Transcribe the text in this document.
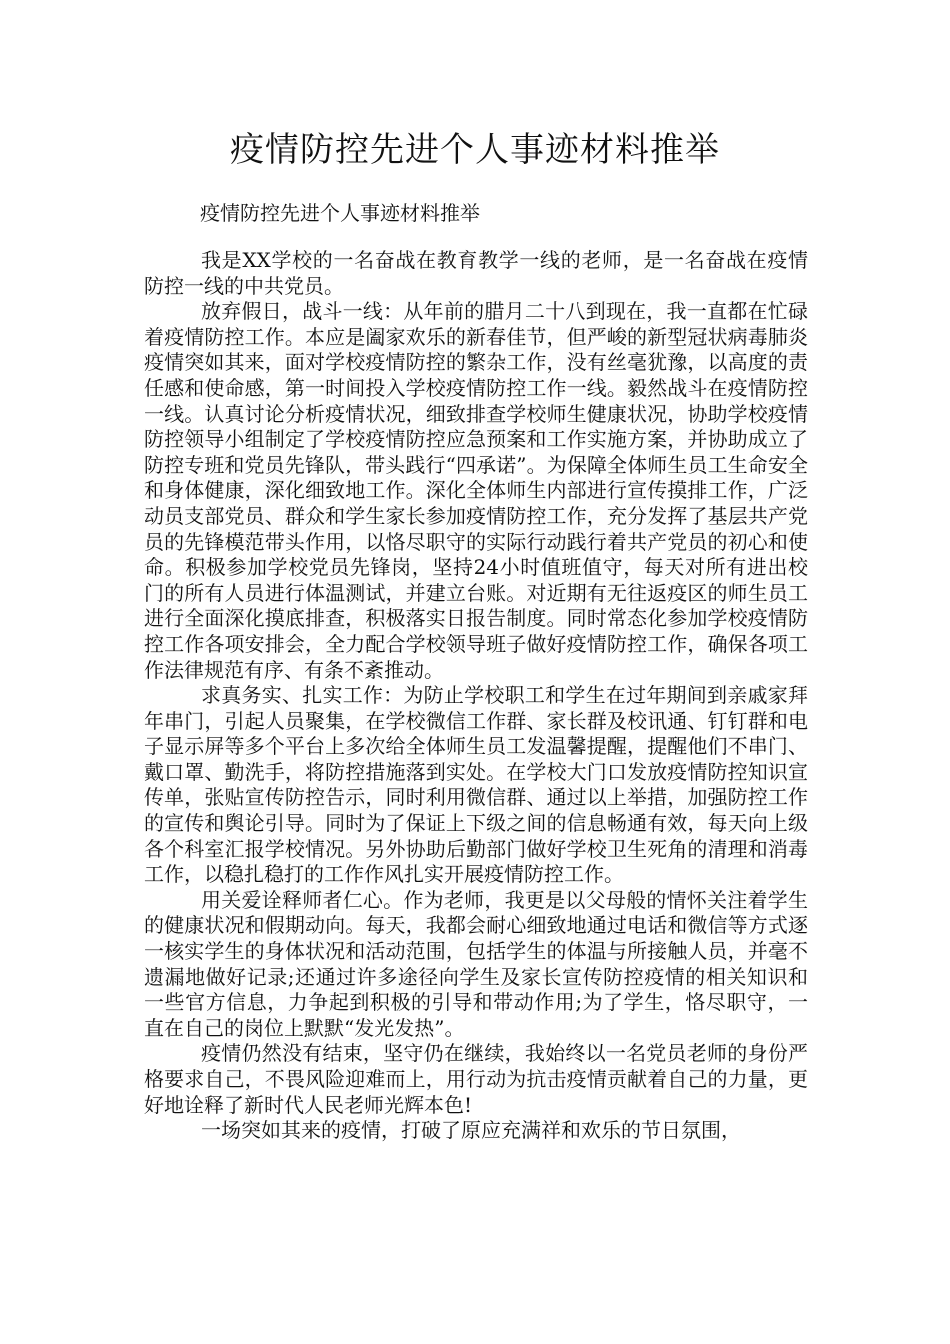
疫情防控先进个人事迹材料推举

疫情防控先进个人事迹材料推举

我是XX学校的一名奋战在教育教学一线的老师，是一名奋战在疫情防控一线的中共党员。

放弃假日，战斗一线：从年前的腊月二十八到现在，我一直都在忙碌着疫情防控工作。本应是阖家欢乐的新春佳节，但严峻的新型冠状病毒肺炎疫情突如其来，面对学校疫情防控的繁杂工作，没有丝毫犹豫，以高度的责任感和使命感，第一时间投入学校疫情防控工作一线。毅然战斗在疫情防控一线。认真讨论分析疫情状况，细致排查学校师生健康状况，协助学校疫情防控领导小组制定了学校疫情防控应急预案和工作实施方案，并协助成立了防控专班和党员先锋队，带头践行“四承诺”。为保障全体师生员工生命安全和身体健康，深化细致地工作。深化全体师生内部进行宣传摸排工作，广泛动员支部党员、群众和学生家长参加疫情防控工作，充分发挥了基层共产党员的先锋模范带头作用，以恪尽职守的实际行动践行着共产党员的初心和使命。积极参加学校党员先锋岗，坚持24小时值班值守，每天对所有进出校门的所有人员进行体温测试，并建立台账。对近期有无往返疫区的师生员工进行全面深化摸底排查，积极落实日报告制度。同时常态化参加学校疫情防控工作各项安排会，全力配合学校领导班子做好疫情防控工作，确保各项工作法律规范有序、有条不紊推动。

求真务实、扎实工作：为防止学校职工和学生在过年期间到亲戚家拜年串门，引起人员聚集，在学校微信工作群、家长群及校讯通、钉钉群和电子显示屏等多个平台上多次给全体师生员工发温馨提醒，提醒他们不串门、戴口罩、勤洗手，将防控措施落到实处。在学校大门口发放疫情防控知识宣传单，张贴宣传防控告示，同时利用微信群、通过以上举措，加强防控工作的宣传和舆论引导。同时为了保证上下级之间的信息畅通有效，每天向上级各个科室汇报学校情况。另外协助后勤部门做好学校卫生死角的清理和消毒工作，以稳扎稳打的工作作风扎实开展疫情防控工作。

用关爱诠释师者仁心。作为老师，我更是以父母般的情怀关注着学生的健康状况和假期动向。每天，我都会耐心细致地通过电话和微信等方式逐一核实学生的身体状况和活动范围，包括学生的体温与所接触人员，并毫不遗漏地做好记录;还通过许多途径向学生及家长宣传防控疫情的相关知识和一些官方信息，力争起到积极的引导和带动作用;为了学生，恪尽职守，一直在自己的岗位上默默“发光发热”。

疫情仍然没有结束，坚守仍在继续，我始终以一名党员老师的身份严格要求自己，不畏风险迎难而上，用行动为抗击疫情贡献着自己的力量，更好地诠释了新时代人民老师光辉本色!

一场突如其来的疫情，打破了原应充满祥和欢乐的节日氛围，
